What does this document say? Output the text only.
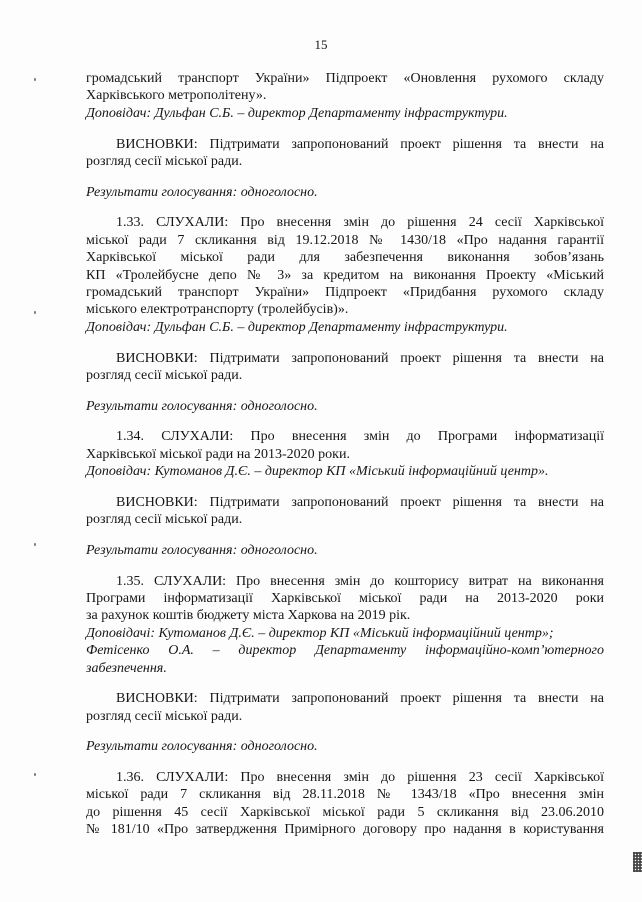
15
громадський транспорт України» Підпроект «Оновлення рухомого складу
Харківського метрополітену».
Доповідач: Дульфан С.Б. – директор Департаменту інфраструктури.
ВИСНОВКИ: Підтримати запропонований проект рішення та внести на
розгляд сесії міської ради.
Результати голосування: одноголосно.
1.33. СЛУХАЛИ: Про внесення змін до рішення 24 сесії Харківської
міської ради 7 скликання від 19.12.2018 № 1430/18 «Про надання гарантії
Харківської міської ради для забезпечення виконання зобов’язань
КП «Тролейбусне депо № 3» за кредитом на виконання Проекту «Міський
громадський транспорт України» Підпроект «Придбання рухомого складу
міського електротранспорту (тролейбусів)».
Доповідач: Дульфан С.Б. – директор Департаменту інфраструктури.
ВИСНОВКИ: Підтримати запропонований проект рішення та внести на
розгляд сесії міської ради.
Результати голосування: одноголосно.
1.34. СЛУХАЛИ: Про внесення змін до Програми інформатизації
Харківської міської ради на 2013-2020 роки.
Доповідач: Кутоманов Д.Є. – директор КП «Міський інформаційний центр».
ВИСНОВКИ: Підтримати запропонований проект рішення та внести на
розгляд сесії міської ради.
Результати голосування: одноголосно.
1.35. СЛУХАЛИ: Про внесення змін до кошторису витрат на виконання
Програми інформатизації Харківської міської ради на 2013-2020 роки
за рахунок коштів бюджету міста Харкова на 2019 рік.
Доповідачі: Кутоманов Д.Є. – директор КП «Міський інформаційний центр»;
Фетісенко О.А. – директор Департаменту інформаційно-комп’ютерного
забезпечення.
ВИСНОВКИ: Підтримати запропонований проект рішення та внести на
розгляд сесії міської ради.
Результати голосування: одноголосно.
1.36. СЛУХАЛИ: Про внесення змін до рішення 23 сесії Харківської
міської ради 7 скликання від 28.11.2018 № 1343/18 «Про внесення змін
до рішення 45 сесії Харківської міської ради 5 скликання від 23.06.2010
№ 181/10 «Про затвердження Примірного договору про надання в користування
